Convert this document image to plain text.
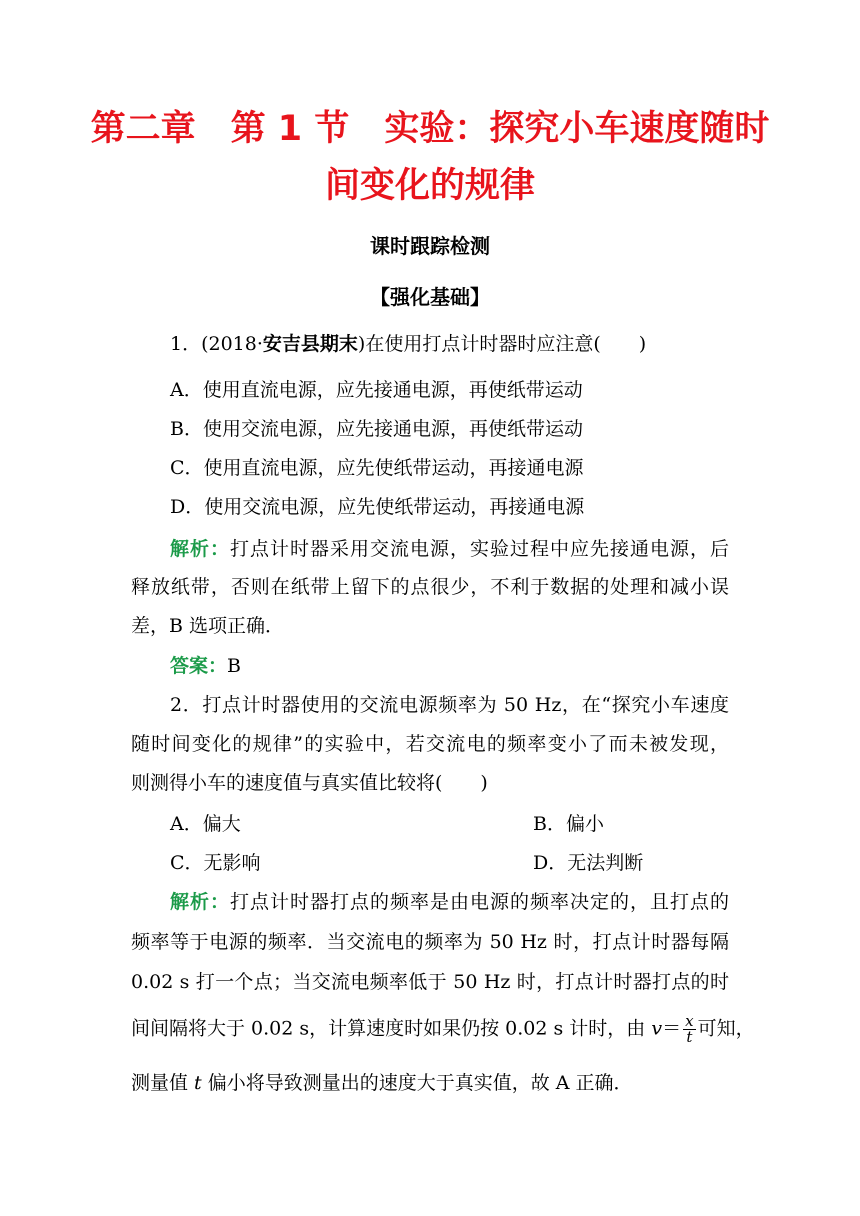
第二章　第 1 节　实验：探究小车速度随时
间变化的规律
课时跟踪检测
【强化基础】
1．(2018·安吉县期末)在使用打点计时器时应注意(　　)
A．使用直流电源，应先接通电源，再使纸带运动
B．使用交流电源，应先接通电源，再使纸带运动
C．使用直流电源，应先使纸带运动，再接通电源
D．使用交流电源，应先使纸带运动，再接通电源
解析：打点计时器采用交流电源，实验过程中应先接通电源，后
释放纸带，否则在纸带上留下的点很少，不利于数据的处理和减小误
差，B 选项正确．
答案：B
2．打点计时器使用的交流电源频率为 50 Hz，在“探究小车速度
随时间变化的规律”的实验中，若交流电的频率变小了而未被发现，
则测得小车的速度值与真实值比较将(　　)
A．偏大	B．偏小
C．无影响	D．无法判断
解析：打点计时器打点的频率是由电源的频率决定的，且打点的
频率等于电源的频率．当交流电的频率为 50 Hz 时，打点计时器每隔
0.02 s 打一个点；当交流电频率低于 50 Hz 时，打点计时器打点的时
间间隔将大于 0.02 s，计算速度时如果仍按 0.02 s 计时，由 $v= \frac{x}{t}$ 可知，
测量值 t 偏小将导致测量出的速度大于真实值，故 A 正确．
